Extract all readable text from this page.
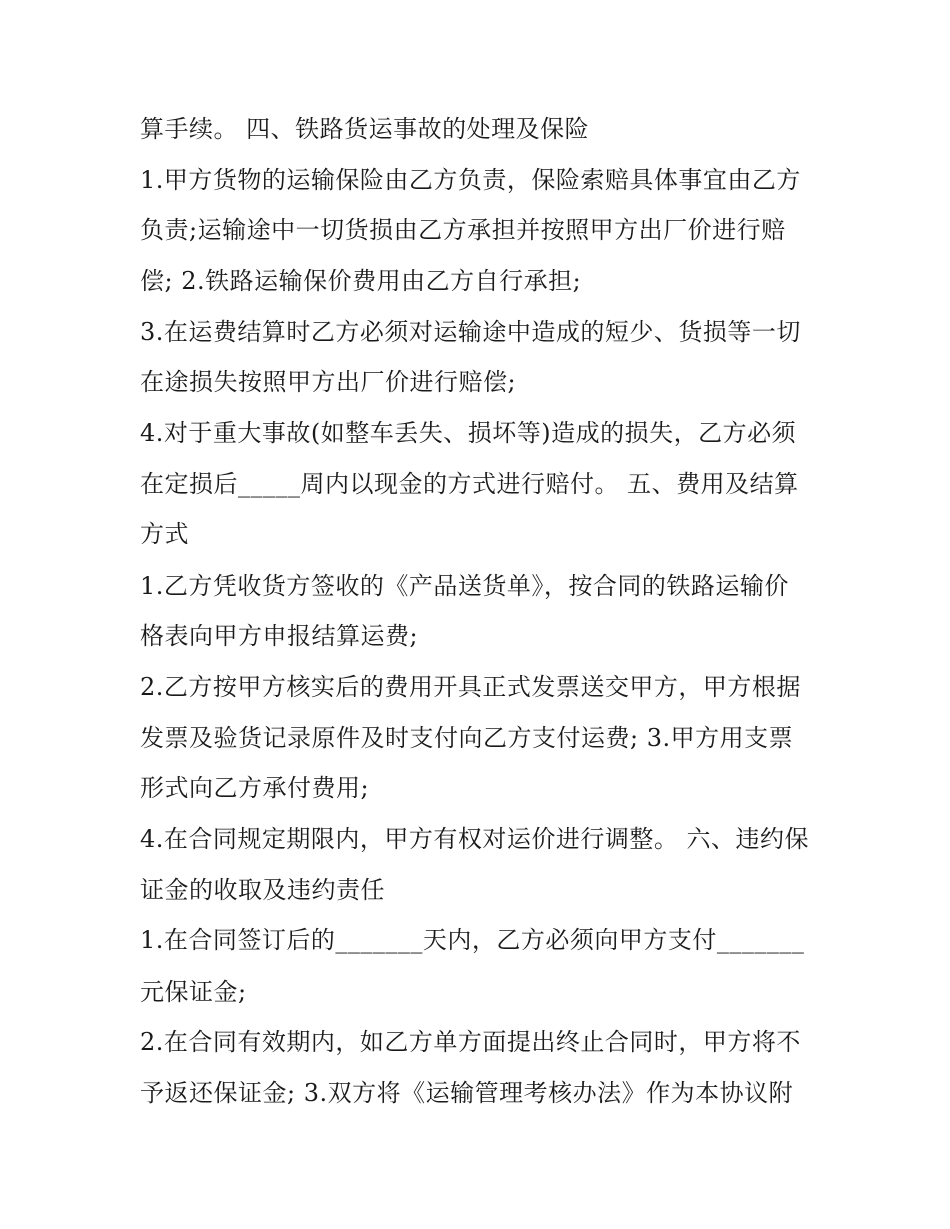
算手续。 四、铁路货运事故的处理及保险
1.甲方货物的运输保险由乙方负责，保险索赔具体事宜由乙方
负责;运输途中一切货损由乙方承担并按照甲方出厂价进行赔
偿; 2.铁路运输保价费用由乙方自行承担;
3.在运费结算时乙方必须对运输途中造成的短少、货损等一切
在途损失按照甲方出厂价进行赔偿;
4.对于重大事故(如整车丢失、损坏等)造成的损失，乙方必须
在定损后_____周内以现金的方式进行赔付。 五、费用及结算
方式
1.乙方凭收货方签收的《产品送货单》，按合同的铁路运输价
格表向甲方申报结算运费;
2.乙方按甲方核实后的费用开具正式发票送交甲方，甲方根据
发票及验货记录原件及时支付向乙方支付运费; 3.甲方用支票
形式向乙方承付费用;
4.在合同规定期限内，甲方有权对运价进行调整。 六、违约保
证金的收取及违约责任
1.在合同签订后的_______天内，乙方必须向甲方支付_______
元保证金;
2.在合同有效期内，如乙方单方面提出终止合同时，甲方将不
予返还保证金; 3.双方将《运输管理考核办法》作为本协议附
